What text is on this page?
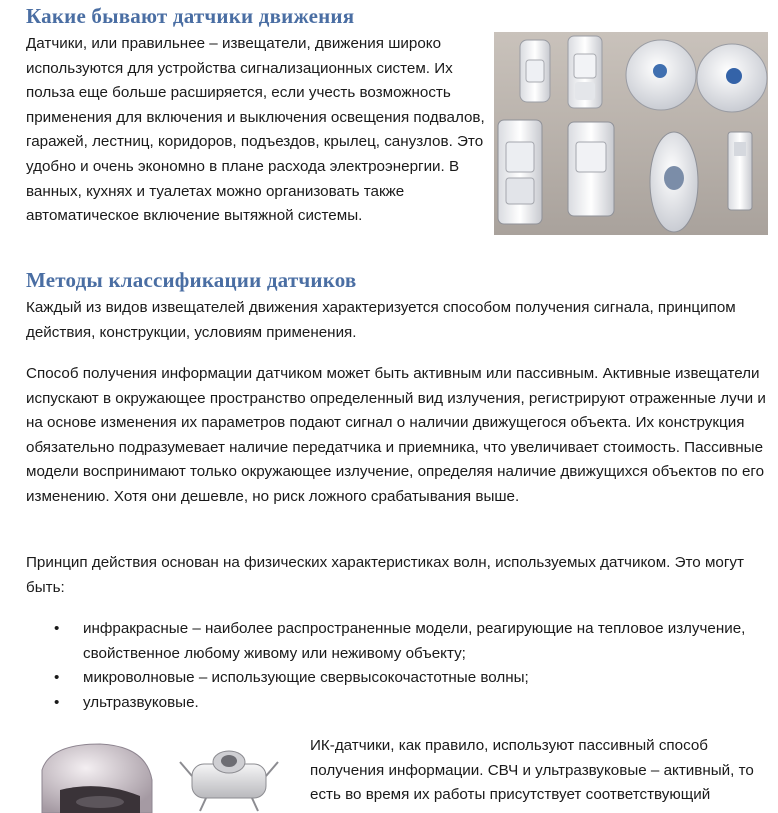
Какие бывают датчики движения

Датчики, или правильнее – извещатели, движения широко используются для устройства сигнализационных систем. Их польза еще больше расширяется, если учесть возможность применения для включения и выключения освещения подвалов, гаражей, лестниц, коридоров, подъездов, крылец, санузлов. Это удобно и очень экономно в плане расхода электроэнергии. В ванных, кухнях и туалетах можно организовать также автоматическое включение вытяжной системы.

Методы классификации датчиков

Каждый из видов извещателей движения характеризуется способом получения сигнала, принципом действия, конструкции, условиям применения.

Способ получения информации датчиком может быть активным или пассивным. Активные извещатели испускают в окружающее пространство определенный вид излучения, регистрируют отраженные лучи и на основе изменения их параметров подают сигнал о наличии движущегося объекта. Их конструкция обязательно подразумевает наличие передатчика и приемника, что увеличивает стоимость. Пассивные модели воспринимают только окружающее излучение, определяя наличие движущихся объектов по его изменению. Хотя они дешевле, но риск ложного срабатывания выше.

Принцип действия основан на физических характеристиках волн, используемых датчиком. Это могут быть:

• инфракрасные – наиболее распространенные модели, реагирующие на тепловое излучение, свойственное любому живому или неживому объекту;
• микроволновые – использующие свервысокочастотные волны;
• ультразвуковые.

ИК-датчики, как правило, используют пассивный способ получения информации. СВЧ и ультразвуковые – активный, то есть во время их работы присутствует соответствующий
